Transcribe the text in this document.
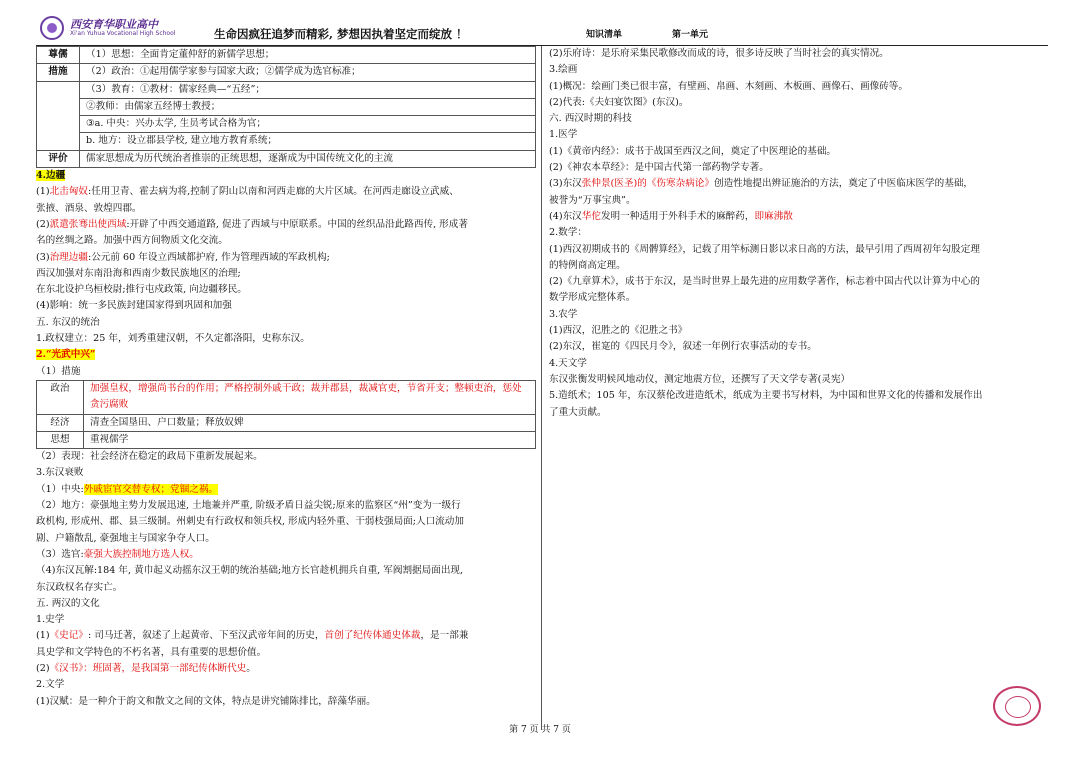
西安育华职业高中
Xi'an Yuhua Vocational High School	生命因疯狂追梦而精彩, 梦想因执着坚定而绽放 ！	知识清单	第一单元
尊儒	（1）思想：全面肯定董仲舒的新儒学思想；
措施	（2）政治：①起用儒学家参与国家大政；②儒学成为选官标准；
	（3）教育：①教材：儒家经典—“五经”；
	②教师：由儒家五经博士教授；
	③a. 中央：兴办太学, 生员考试合格为官；
	b. 地方：设立郡县学校, 建立地方教育系统；
评价	儒家思想成为历代统治者推崇的正统思想，逐渐成为中国传统文化的主流
4.边疆
(1)北击匈奴:任用卫青、霍去病为将,控制了阴山以南和河西走廊的大片区域。在河西走廊设立武威、
张掖、酒泉、敦煌四郡。
(2)派遣张骞出使西域:开辟了中西交通道路, 促进了西域与中原联系。中国的丝织品沿此路西传, 形成著
名的丝绸之路。加强中西方间物质文化交流。
(3)治理边疆:公元前 60 年设立西域都护府, 作为管理西域的军政机构;
西汉加强对东南沿海和西南少数民族地区的治理;
在东北设护乌桓校尉;推行屯戍政策, 向边疆移民。
(4)影响：统一多民族封建国家得到巩固和加强
五. 东汉的统治
1.政权建立：25 年，刘秀重建汉朝，不久定都洛阳，史称东汉。
2.“光武中兴”
（1）措施
政治	加强皇权，增强尚书台的作用；严格控制外戚干政；裁并郡县，裁减官吏，节省开支；整顿吏治，惩处贪污腐败
经济	清查全国垦田、户口数量；释放奴婢
思想	重视儒学
（2）表现：社会经济在稳定的政局下重新发展起来。
3.东汉衰败
（1）中央:外戚宦官交替专权；党锢之祸。
（2）地方：豪强地主势力发展迅速, 土地兼并严重, 阶级矛盾日益尖锐;原来的监察区“州”变为一级行
政机构, 形成州、郡、县三级制。州刺史有行政权和领兵权, 形成内轻外重、干弱枝强局面;人口流动加
剧、户籍散乱, 豪强地主与国家争夺人口。
（3）选官:豪强大族控制地方选人权。
（4)东汉瓦解:184 年, 黄巾起义动摇东汉王朝的统治基础;地方长官趁机拥兵自重, 军阀割据局面出现,
东汉政权名存实亡。
五. 两汉的文化
1.史学
(1)《史记》: 司马迁著，叙述了上起黄帝、下至汉武帝年间的历史，首创了纪传体通史体裁，是一部兼
具史学和文学特色的不朽名著，具有重要的思想价值。
(2)《汉书》：班固著，是我国第一部纪传体断代史。
2.文学
(1)汉赋：是一种介于韵文和散文之间的文体，特点是讲究铺陈排比，辞藻华丽。
(2)乐府诗：是乐府采集民歌修改而成的诗，很多诗反映了当时社会的真实情况。
3.绘画
(1)概况：绘画门类已很丰富，有壁画、帛画、木刻画、木板画、画像石、画像砖等。
(2)代表:《夫妇宴饮图》(东汉)。
六. 西汉时期的科技
1.医学
(1)《黄帝内经》：成书于战国至西汉之间，奠定了中医理论的基础。
(2)《神农本草经》：是中国古代第一部药物学专著。
(3)东汉张仲景(医圣)的《伤寒杂病论》创造性地提出辨证施治的方法，奠定了中医临床医学的基础，
被誉为“万事宝典”。
(4)东汉华佗发明一种适用于外科手术的麻醉药，即麻沸散
2.数学：
(1)西汉初期成书的《周髀算经》，记载了用竿标测日影以求日高的方法，最早引用了西周初年勾股定理
的特例商高定理。
(2)《九章算术》，成书于东汉，是当时世界上最先进的应用数学著作，标志着中国古代以计算为中心的
数学形成完整体系。
3.农学
(1)西汉，氾胜之的《氾胜之书》
(2)东汉，崔寔的《四民月令》，叙述一年例行农事活动的专书。
4.天文学
东汉张衡发明候风地动仪，测定地震方位，还撰写了天文学专著(灵宪）
5.造纸术；105 年，东汉蔡伦改进造纸术，纸成为主要书写材料，为中国和世界文化的传播和发展作出
了重大贡献。
第 7 页 共 7 页
